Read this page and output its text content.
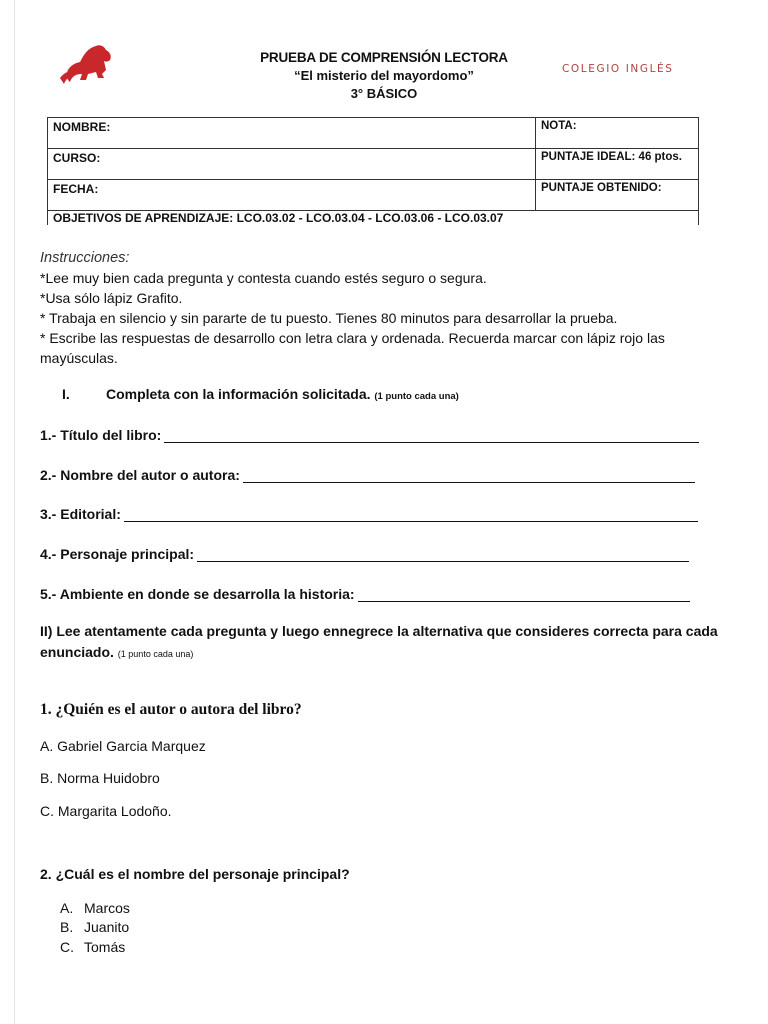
PRUEBA DE COMPRENSIÓN LECTORA
“El misterio del mayordomo”
3° BÁSICO
COLEGIO INGLÉS
NOMBRE:	NOTA:
CURSO:	PUNTAJE IDEAL: 46 ptos.
FECHA:	PUNTAJE OBTENIDO:
OBJETIVOS DE APRENDIZAJE: LCO.03.02 - LCO.03.04 - LCO.03.06 - LCO.03.07	
Instrucciones:
*Lee muy bien cada pregunta y contesta cuando estés seguro o segura.
*Usa sólo lápiz Grafito.
* Trabaja en silencio y sin pararte de tu puesto. Tienes 80 minutos para desarrollar la prueba.
* Escribe las respuestas de desarrollo con letra clara y ordenada. Recuerda marcar con lápiz rojo las mayúsculas.
I.	Completa con la información solicitada. (1 punto cada una)
1.- Título del libro:
2.- Nombre del autor o autora:
3.- Editorial:
4.- Personaje principal:
5.- Ambiente en donde se desarrolla la historia:
II) Lee atentamente cada pregunta y luego ennegrece la alternativa que consideres correcta para cada enunciado. (1 punto cada una)
1. ¿Quién es el autor o autora del libro?
A. Gabriel Garcia Marquez
B. Norma Huidobro
C. Margarita Lodoño.
2. ¿Cuál es el nombre del personaje principal?
A. Marcos
B. Juanito
C. Tomás
